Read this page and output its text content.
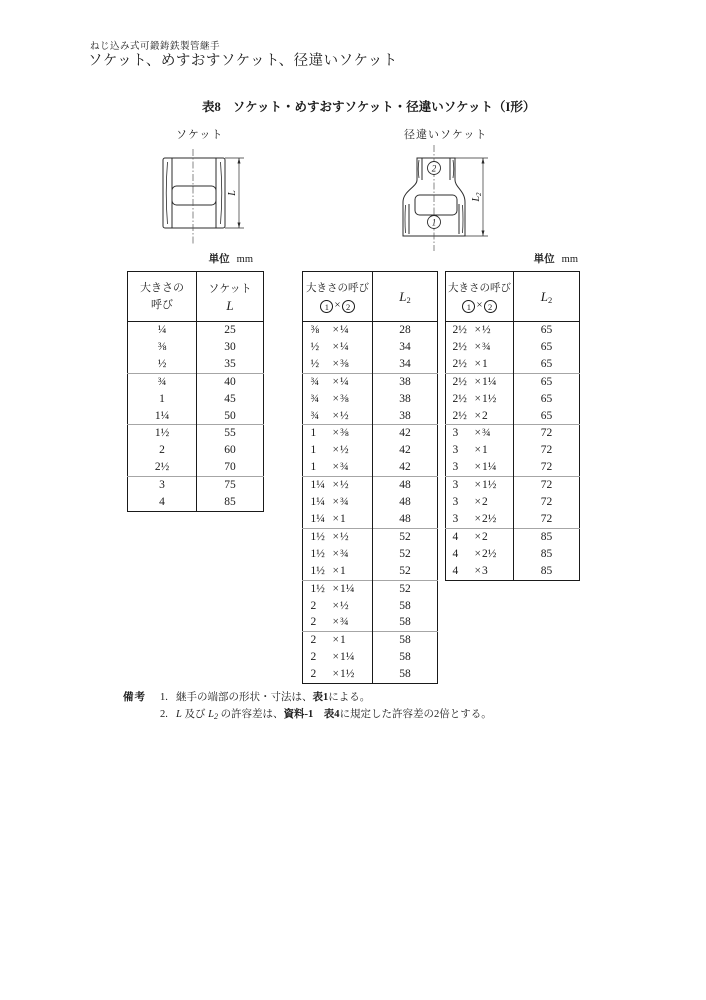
ねじ込み式可鍛鋳鉄製管継手
ソケット、めすおすソケット、径違いソケット
表8 ソケット・めすおすソケット・径違いソケット（I形）
ソケット	径違いソケット
L
2
1
$L_2$
単位 mm	単位 mm
大きさの
呼び	ソケット
L

¼	25
⅜	30
½	35
¾	40
1	45
1¼	50
1½	55
2	60
2½	70
3	75
4	85
大きさの呼び
1 × 2	L2

⅜ × ¼	28

½ × ¼	34

½ × ⅜	34

¾ × ¼	38

¾ × ⅜	38

¾ × ½	38

1 × ⅜	42

1 × ½	42

1 × ¾	42

1¼ × ½	48

1¼ × ¾	48

1¼ × 1	48

1½ × ½	52

1½ × ¾	52

1½ × 1	52

1½ × 1¼	52

2 × ½	58

2 × ¾	58

2 × 1	58

2 × 1¼	58

2 × 1½	58
大きさの呼び
1 × 2	L2

2½ × ½	65

2½ × ¾	65

2½ × 1	65

2½ × 1¼	65

2½ × 1½	65

2½ × 2	65

3 × ¾	72

3 × 1	72

3 × 1¼	72

3 × 1½	72

3 × 2	72

3 × 2½	72

4 × 2	85

4 × 2½	85

4 × 3	85
備考 1. 継手の端部の形状・寸法は、表1による。
2. L 及び L2 の許容差は、資料-1　表4に規定した許容差の2倍とする。
